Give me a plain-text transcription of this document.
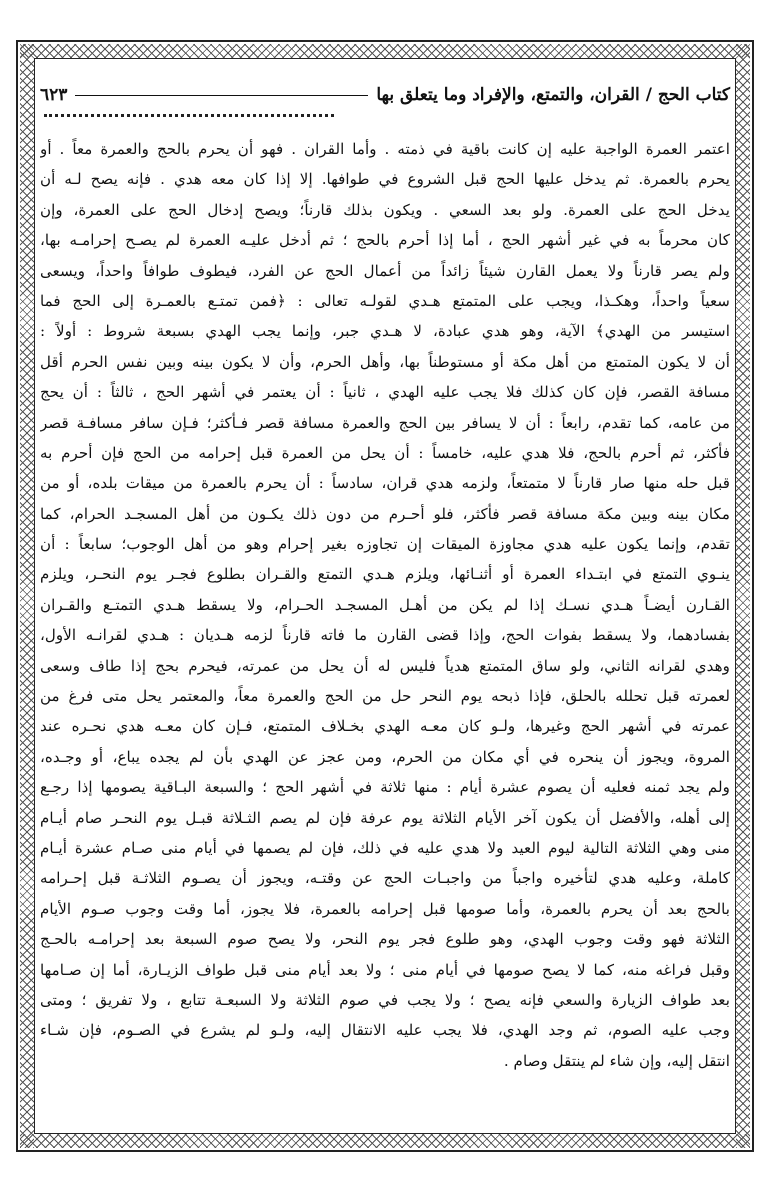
كتاب الحج / القران، والتمتع، والإفراد وما يتعلق بها
٦٢٣
اعتمر العمرة الواجبة عليه إن كانت باقية في ذمته . وأما القران . فهو أن يحرم بالحج والعمرة معاً . أو
يحرم بالعمرة. ثم يدخل عليها الحج قبل الشروع في طوافها. إلا إذا كان معه هدي . فإنه يصح لـه أن
يدخل الحج على العمرة. ولو بعد السعي . ويكون بذلك قارناً؛ ويصح إدخال الحج على العمرة، وإن
كان محرماً به في غير أشهر الحج ، أما إذا أحرم بالحج ؛ ثم أدخل عليـه العمرة لم يصـح إحرامـه بها،
ولم يصر قارناً ولا يعمل القارن شيئاً زائداً من أعمال الحج عن الفرد، فيطوف طوافاً واحداً، ويسعى
سعياً واحداً، وهكـذا، ويجب على المتمتع هـدي لقولـه تعالى : ﴿فمن تمتـع بالعمـرة إلى الحج فما
استيسر من الهدي﴾ الآية، وهو هدي عبادة، لا هـدي جبر، وإنما يجب الهدي بسبعة شروط : أولاً :
أن لا يكون المتمتع من أهل مكة أو مستوطناً بها، وأهل الحرم، وأن لا يكون بينه وبين نفس الحرم أقل
مسافة القصر، فإن كان كذلك فلا يجب عليه الهدي ، ثانياً : أن يعتمر في أشهر الحج ، ثالثاً : أن يحج
من عامه، كما تقدم، رابعاً : أن لا يسافر بين الحج والعمرة مسافة قصر فـأكثر؛ فـإن سافر مسافـة قصر
فأكثر، ثم أحرم بالحج، فلا هدي عليه، خامساً : أن يحل من العمرة قبل إحرامه من الحج فإن أحرم به
قبل حله منها صار قارناً لا متمتعاً، ولزمه هدي قران، سادساً : أن يحرم بالعمرة من ميقات بلده، أو من
مكان بينه وبين مكة مسافة قصر فأكثر، فلو أحـرم من دون ذلك يكـون من أهل المسجـد الحرام، كما
تقدم، وإنما يكون عليه هدي مجاوزة الميقات إن تجاوزه بغير إحرام وهو من أهل الوجوب؛ سابعاً : أن
ينـوي التمتع في ابتـداء العمرة أو أثنـائها، ويلزم هـدي التمتع والقـران بطلوع فجـر يوم النحـر، ويلزم
القـارن أيضـاً هـدي نسـك إذا لم يكن من أهـل المسجـد الحـرام، ولا يسقط هـدي التمتـع والقـران
بفسادهما، ولا يسقط بفوات الحج، وإذا قضى القارن ما فاته قارناً لزمه هـديان : هـدي لقرانـه الأول،
وهدي لقرانه الثاني، ولو ساق المتمتع هدياً فليس له أن يحل من عمرته، فيحرم بحج إذا طاف وسعى
لعمرته قبل تحلله بالحلق، فإذا ذبحه يوم النحر حل من الحج والعمرة معاً، والمعتمر يحل متى فرغ من
عمرته في أشهر الحج وغيرها، ولـو كان معـه الهدي بخـلاف المتمتع، فـإن كان معـه هدي نحـره عند
المروة، ويجوز أن ينحره في أي مكان من الحرم، ومن عجز عن الهدي بأن لم يجده يباع، أو وجـده،
ولم يجد ثمنه فعليه أن يصوم عشرة أيام : منها ثلاثة في أشهر الحج ؛ والسبعة البـاقية يصومها إذا رجـع
إلى أهله، والأفضل أن يكون آخر الأيام الثلاثة يوم عرفة فإن لم يصم الثـلاثة قبـل يوم النحـر صام أيـام
منى وهي الثلاثة التالية ليوم العيد ولا هدي عليه في ذلك، فإن لم يصمها في أيام منى صـام عشرة أيـام
كاملة، وعليه هدي لتأخيره واجباً من واجبـات الحج عن وقتـه، ويجوز أن يصـوم الثلاثـة قبل إحـرامه
بالحج بعد أن يحرم بالعمرة، وأما صومها قبل إحرامه بالعمرة، فلا يجوز، أما وقت وجوب صـوم الأيام
الثلاثة فهو وقت وجوب الهدي، وهو طلوع فجر يوم النحر، ولا يصح صوم السبعة بعد إحرامـه بالحـج
وقبل فراغه منه، كما لا يصح صومها في أيام منى ؛ ولا بعد أيام منى قبل طواف الزيـارة، أما إن صـامها
بعد طواف الزيارة والسعي فإنه يصح ؛ ولا يجب في صوم الثلاثة ولا السبعـة تتابع ، ولا تفريق ؛ ومتى
وجب عليه الصوم، ثم وجد الهدي، فلا يجب عليه الانتقال إليه، ولـو لم يشرع في الصـوم، فإن شـاء
انتقل إليه، وإن شاء لم ينتقل وصام .
